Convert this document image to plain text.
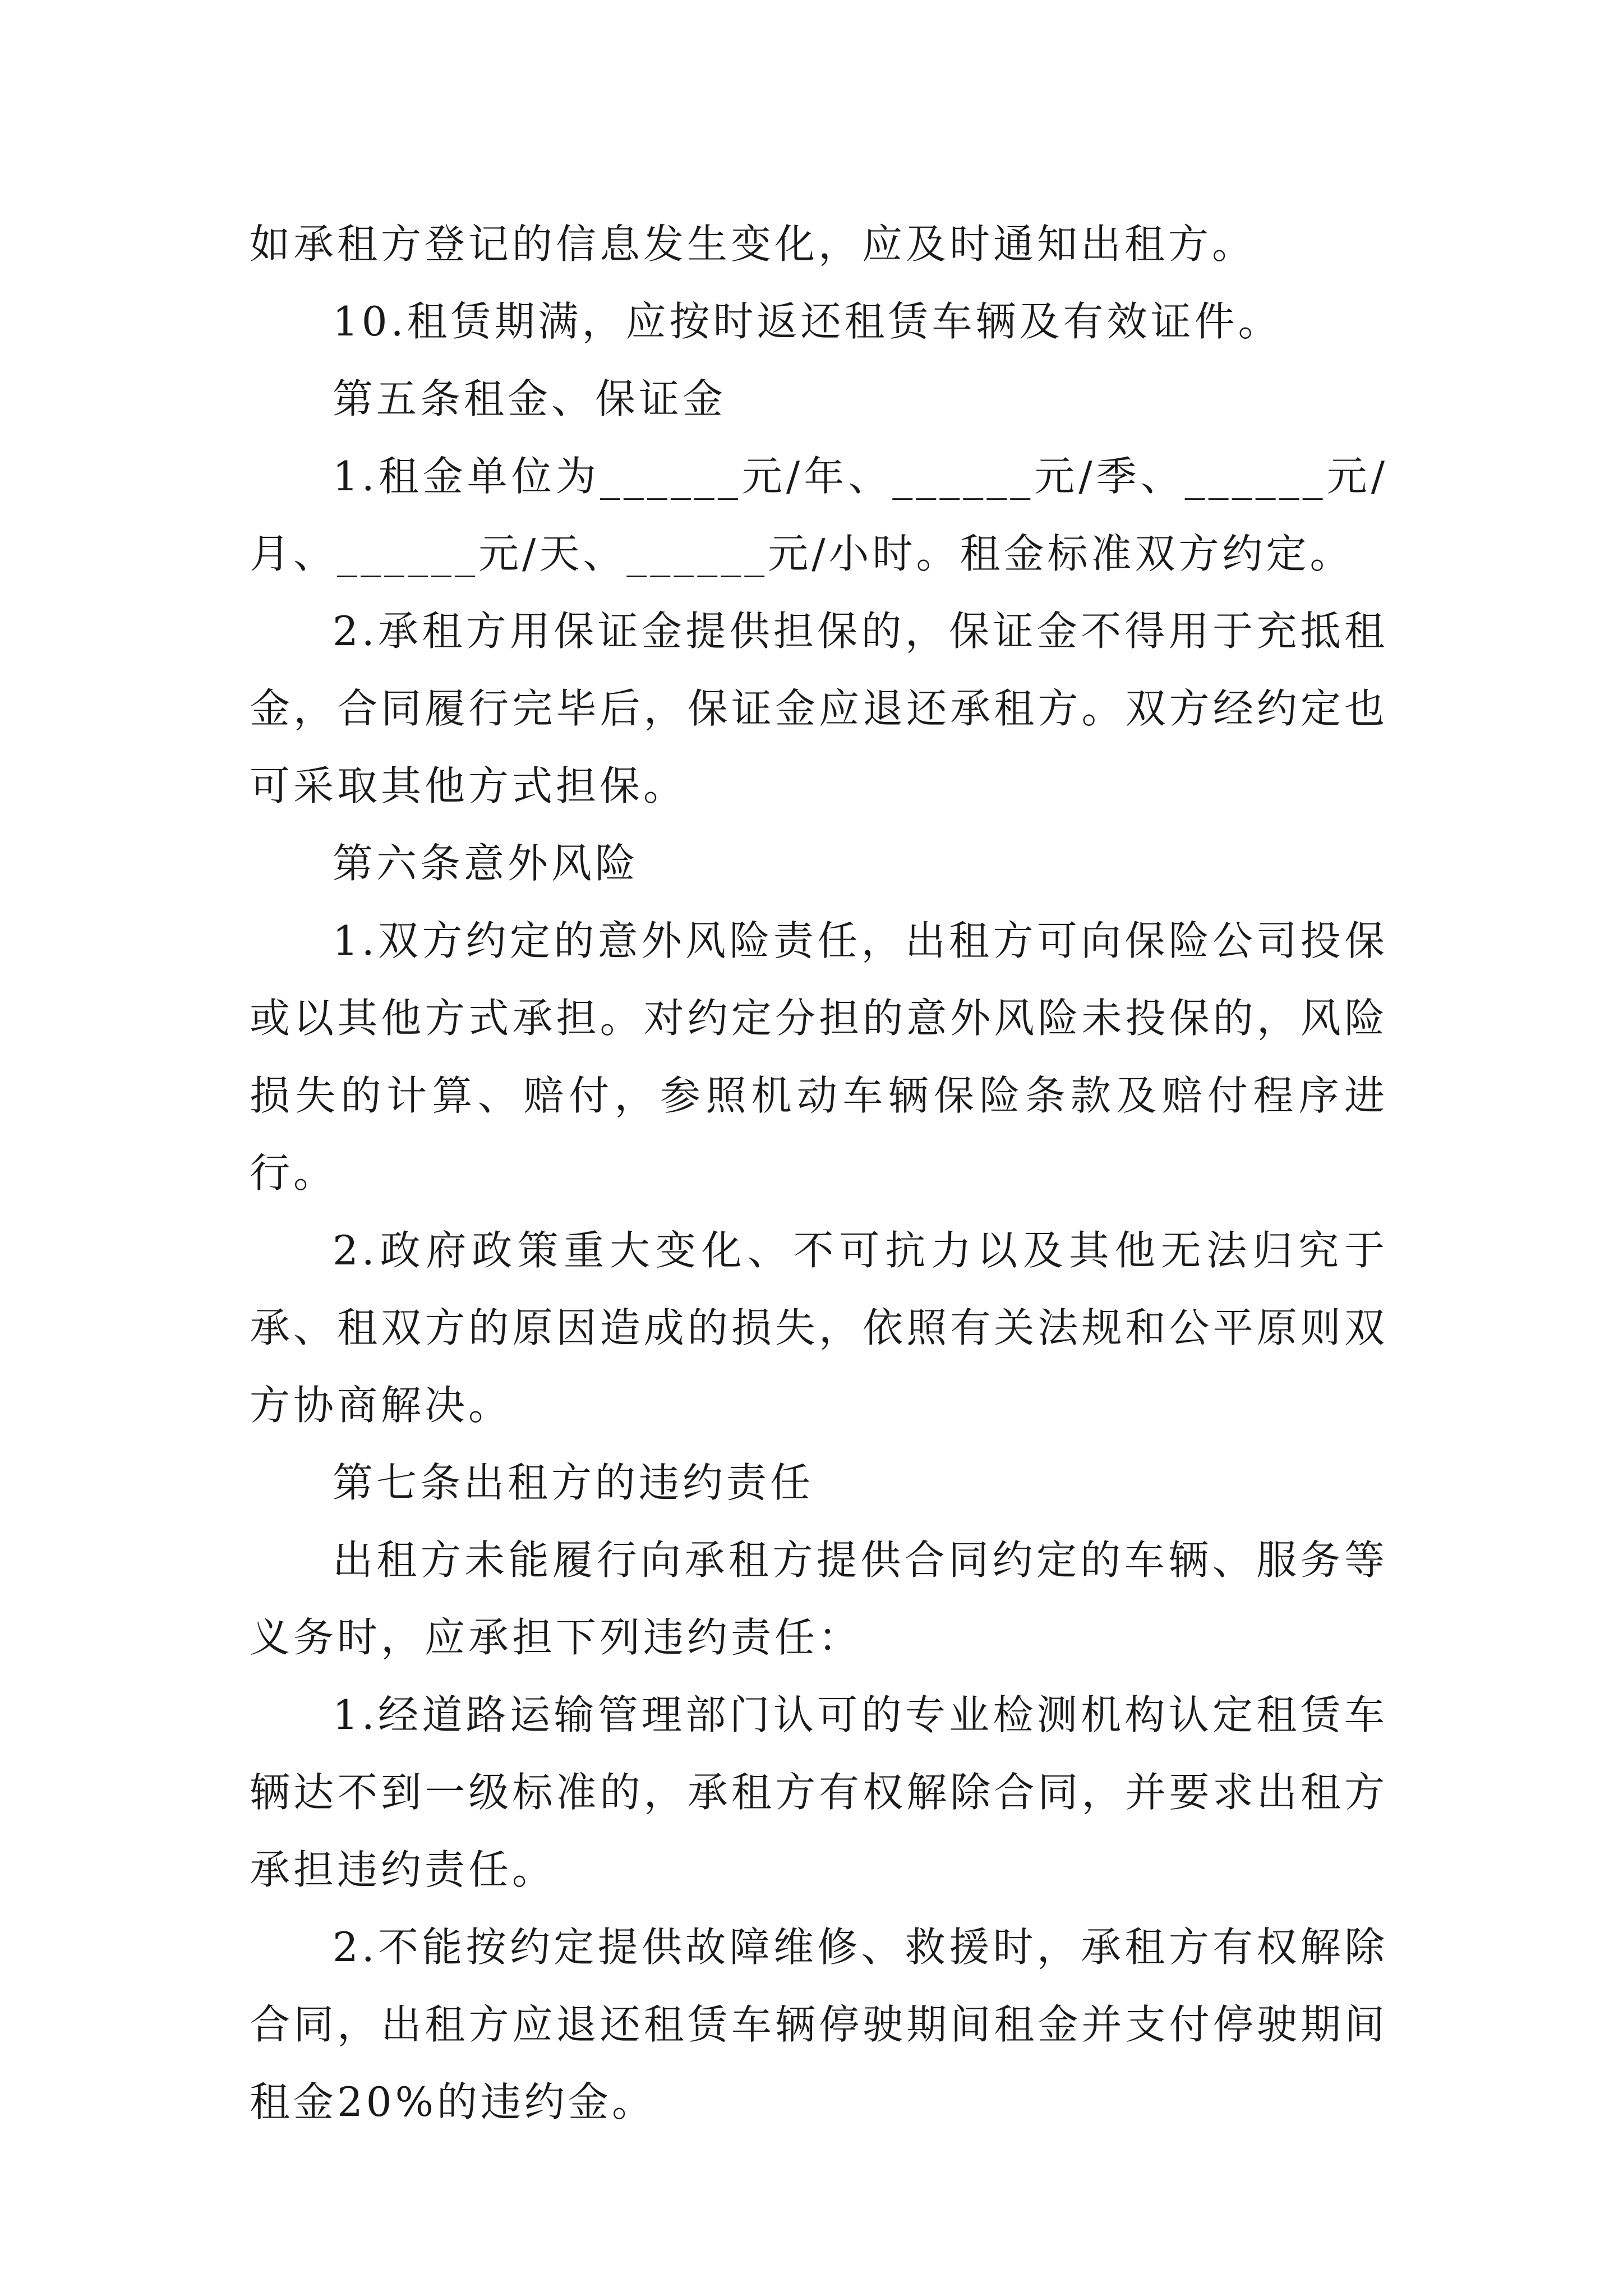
如承租方登记的信息发生变化，应及时通知出租方。

10.租赁期满，应按时返还租赁车辆及有效证件。

第五条租金、保证金

1.租金单位为______元/年、______元/季、______元/月、______元/天、______元/小时。租金标准双方约定。

2.承租方用保证金提供担保的，保证金不得用于充抵租金，合同履行完毕后，保证金应退还承租方。双方经约定也可采取其他方式担保。

第六条意外风险

1.双方约定的意外风险责任，出租方可向保险公司投保或以其他方式承担。对约定分担的意外风险未投保的，风险损失的计算、赔付，参照机动车辆保险条款及赔付程序进行。

2.政府政策重大变化、不可抗力以及其他无法归究于承、租双方的原因造成的损失，依照有关法规和公平原则双方协商解决。

第七条出租方的违约责任

出租方未能履行向承租方提供合同约定的车辆、服务等义务时，应承担下列违约责任：

1.经道路运输管理部门认可的专业检测机构认定租赁车辆达不到一级标准的，承租方有权解除合同，并要求出租方承担违约责任。

2.不能按约定提供故障维修、救援时，承租方有权解除合同，出租方应退还租赁车辆停驶期间租金并支付停驶期间租金20%的违约金。
